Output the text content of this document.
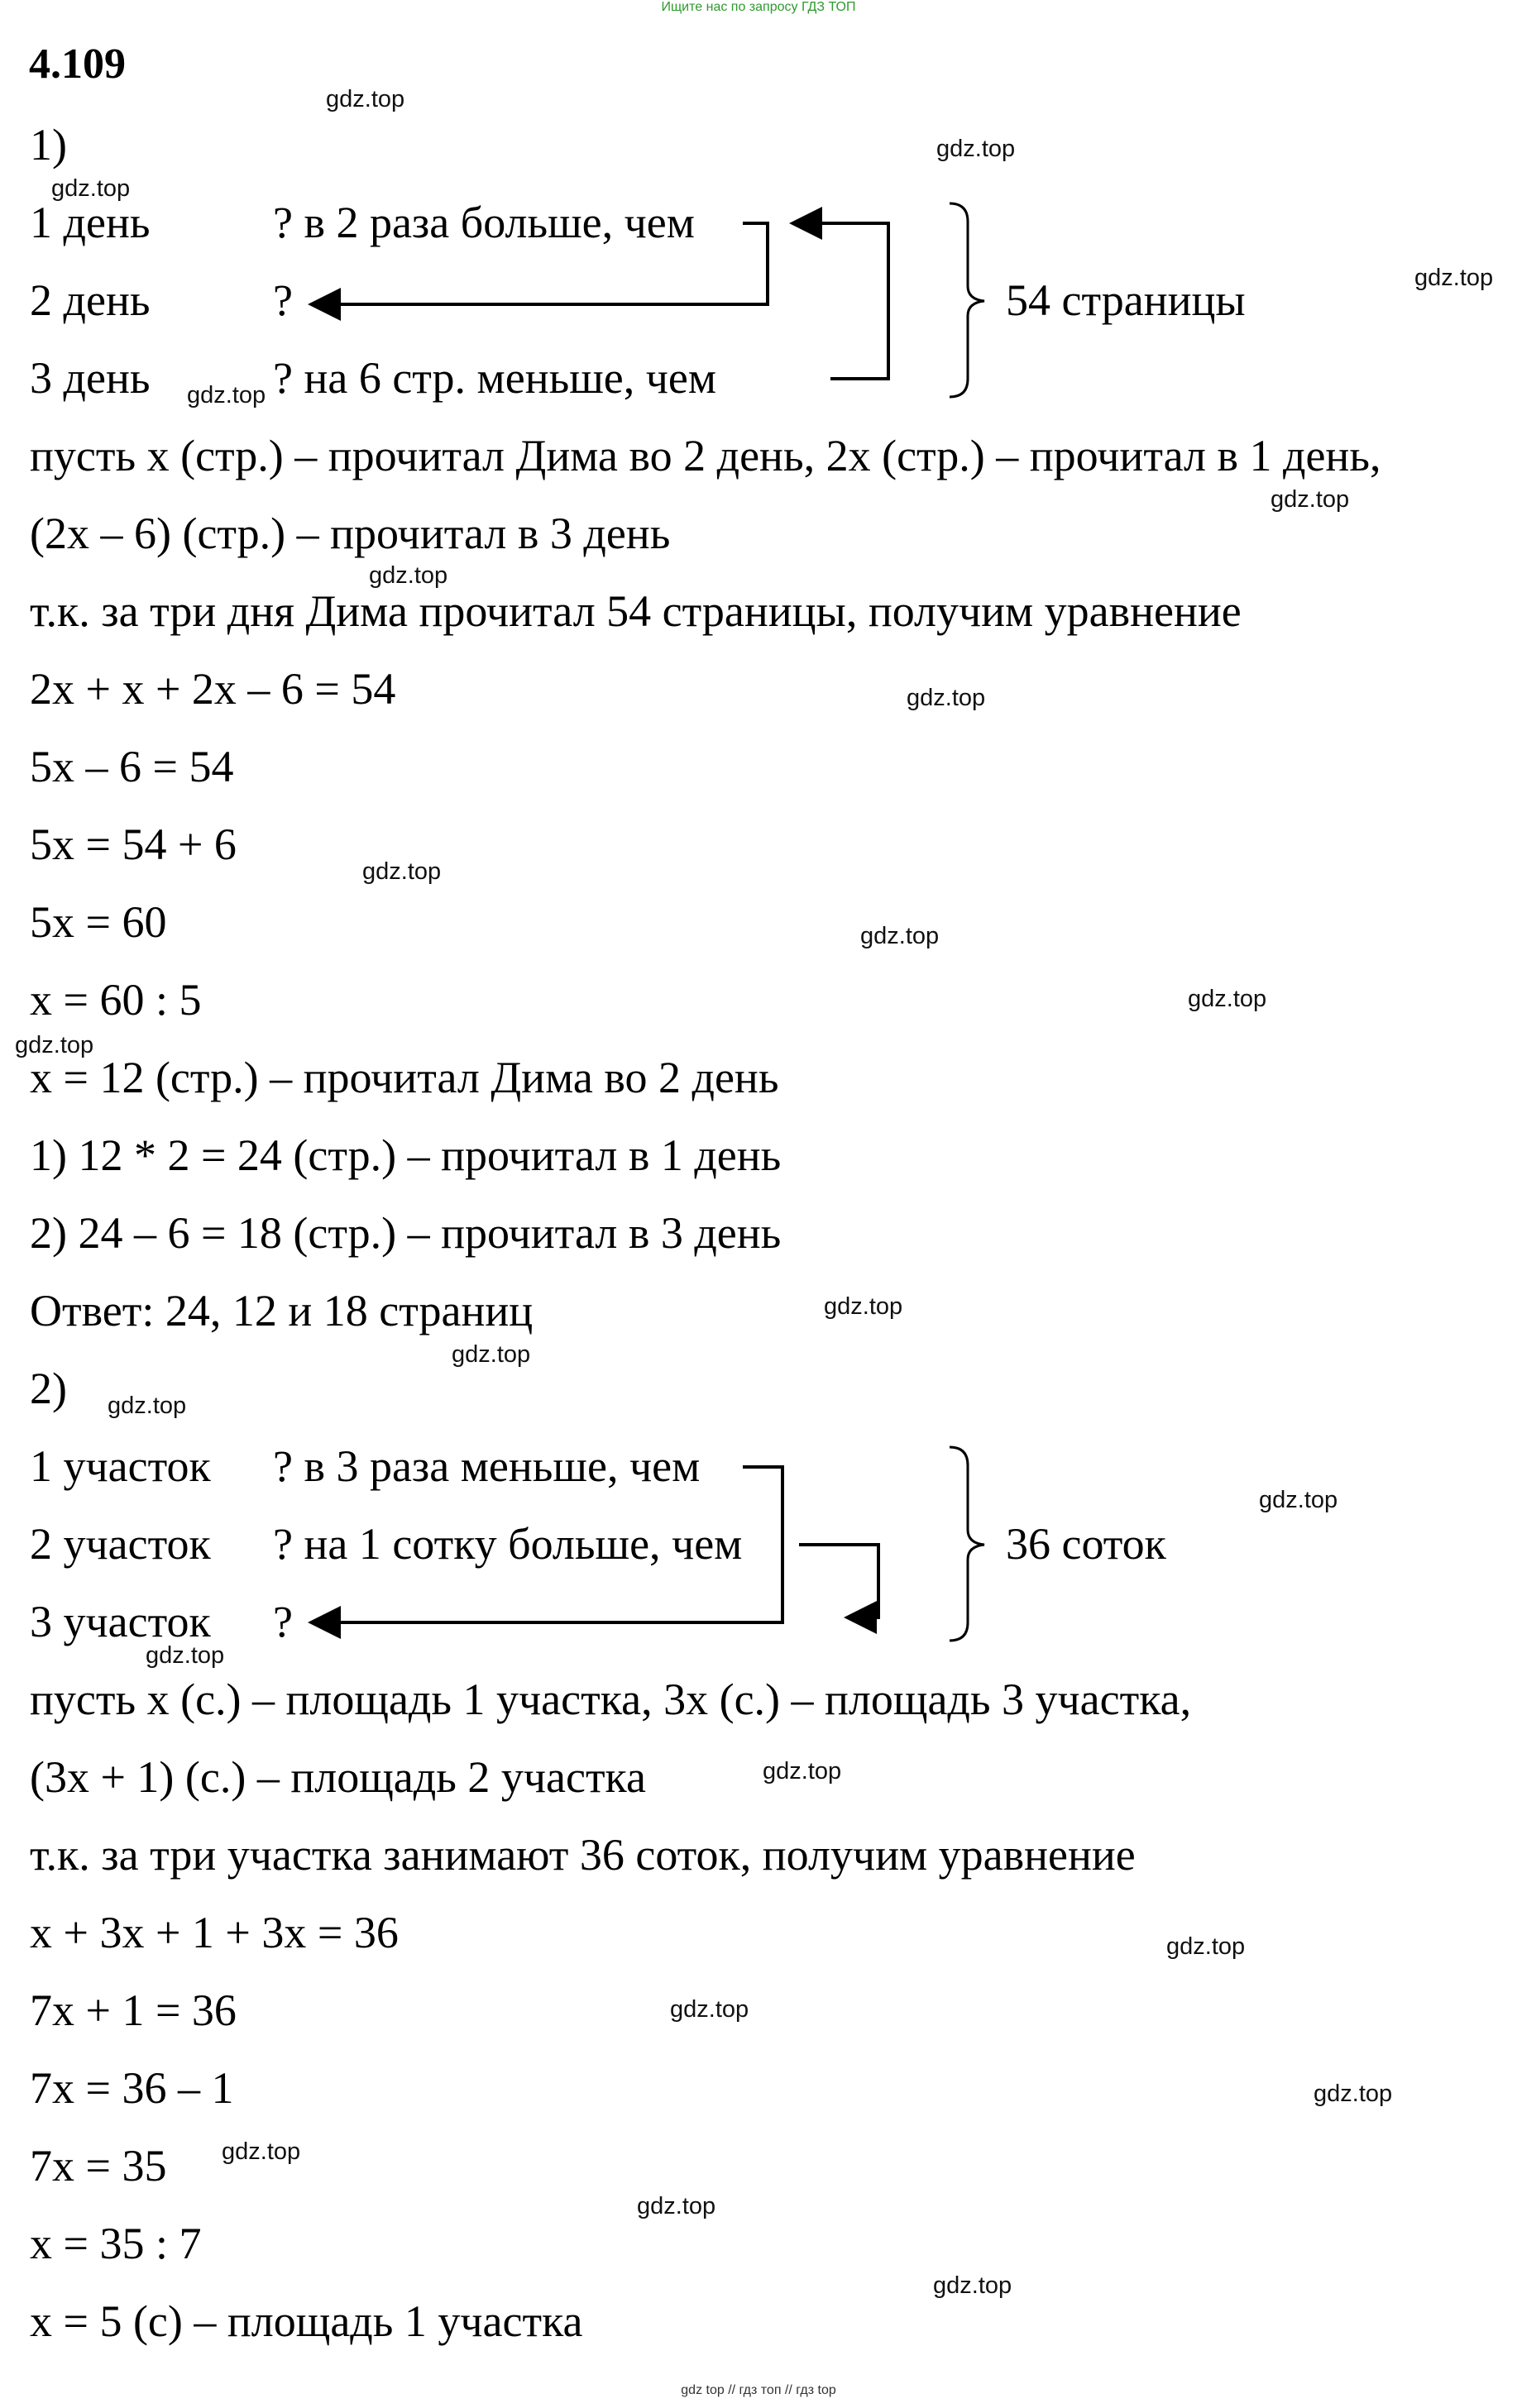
Ищите нас по запросу ГДЗ ТОП
4.109
1)
1 день	? в 2 раза больше, чем
2 день	?
3 день	? на 6 стр. меньше, чем
54 страницы
пусть x (стр.) – прочитал Дима во 2 день, 2x (стр.) – прочитал в 1 день,
(2x – 6) (стр.) – прочитал в 3 день
т.к. за три дня Дима прочитал 54 страницы, получим уравнение
2x + x + 2x – 6 = 54
5x – 6 = 54
5x = 54 + 6
5x = 60
x = 60 : 5
x = 12 (стр.) – прочитал Дима во 2 день
1) 12 * 2 = 24 (стр.) – прочитал в 1 день
2) 24 – 6 = 18 (стр.) – прочитал в 3 день
Ответ: 24, 12 и 18 страниц
2)
1 участок ? в 3 раза меньше, чем
2 участок ? на 1 сотку больше, чем
3 участок ?
36 соток
пусть x (с.) – площадь 1 участка, 3x (с.) – площадь 3 участка,
(3x + 1) (с.) – площадь 2 участка
т.к. за три участка занимают 36 соток, получим уравнение
x + 3x + 1 + 3x = 36
7x + 1 = 36
7x = 36 – 1
7x = 35
x = 35 : 7
x = 5 (с) – площадь 1 участка
gdz.top
gdz.top
gdz.top
gdz.top
gdz.top
gdz.top
gdz.top
gdz.top
gdz.top
gdz.top
gdz.top
gdz.top
gdz.top
gdz.top
gdz.top
gdz.top
gdz.top
gdz.top
gdz.top
gdz.top
gdz.top
gdz.top
gdz.top
gdz.top
gdz top // гдз топ // гдз top
